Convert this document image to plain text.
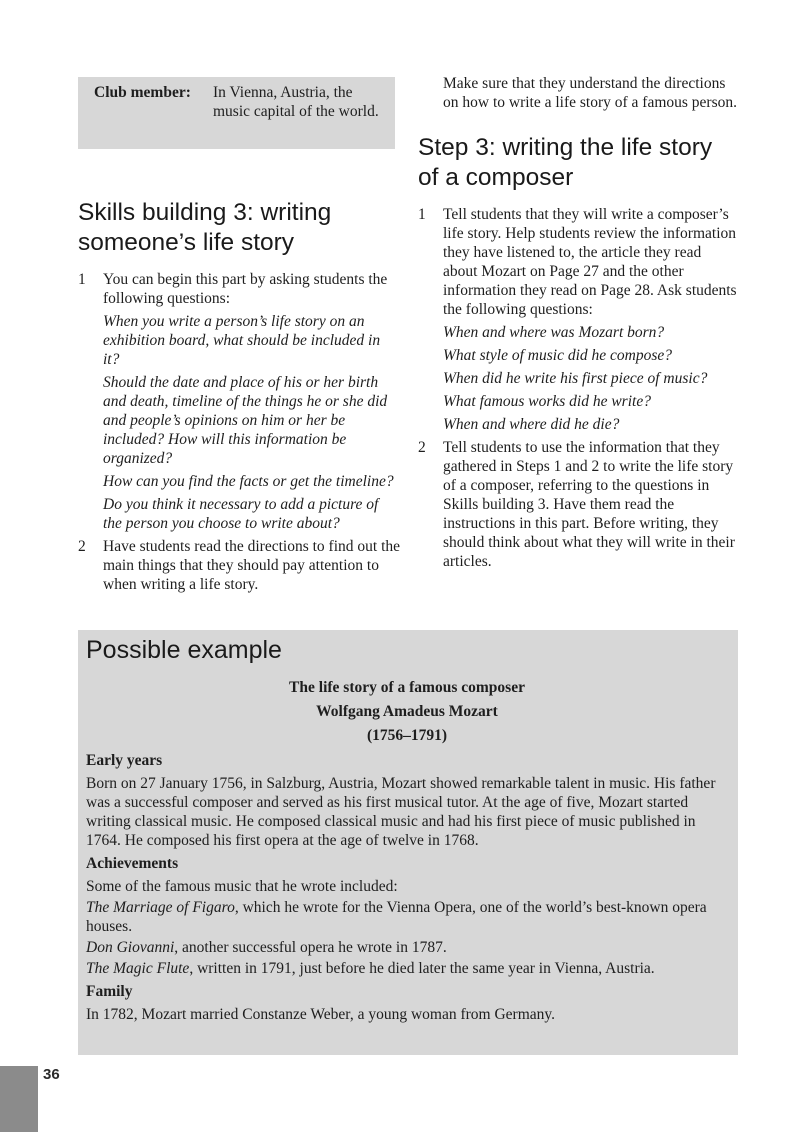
Club member:	In Vienna, Austria, the music capital of the world.
Skills building 3: writing someone’s life story
1 You can begin this part by asking students the following questions:
When you write a person’s life story on an exhibition board, what should be included in it?
Should the date and place of his or her birth and death, timeline of the things he or she did and people’s opinions on him or her be included? How will this information be organized?
How can you find the facts or get the timeline?
Do you think it necessary to add a picture of the person you choose to write about?
2 Have students read the directions to find out the main things that they should pay attention to when writing a life story.
Make sure that they understand the directions on how to write a life story of a famous person.
Step 3: writing the life story of a composer
1 Tell students that they will write a composer’s life story. Help students review the information they have listened to, the article they read about Mozart on Page 27 and the other information they read on Page 28. Ask students the following questions:
When and where was Mozart born?
What style of music did he compose?
When did he write his first piece of music?
What famous works did he write?
When and where did he die?
2 Tell students to use the information that they gathered in Steps 1 and 2 to write the life story of a composer, referring to the questions in Skills building 3. Have them read the instructions in this part. Before writing, they should think about what they will write in their articles.
Possible example
The life story of a famous composer
Wolfgang Amadeus Mozart
(1756–1791)
Early years
Born on 27 January 1756, in Salzburg, Austria, Mozart showed remarkable talent in music. His father was a successful composer and served as his first musical tutor. At the age of five, Mozart started writing classical music. He composed classical music and had his first piece of music published in 1764. He composed his first opera at the age of twelve in 1768.
Achievements
Some of the famous music that he wrote included:
The Marriage of Figaro, which he wrote for the Vienna Opera, one of the world’s best-known opera houses.
Don Giovanni, another successful opera he wrote in 1787.
The Magic Flute, written in 1791, just before he died later the same year in Vienna, Austria.
Family
In 1782, Mozart married Constanze Weber, a young woman from Germany.
36
